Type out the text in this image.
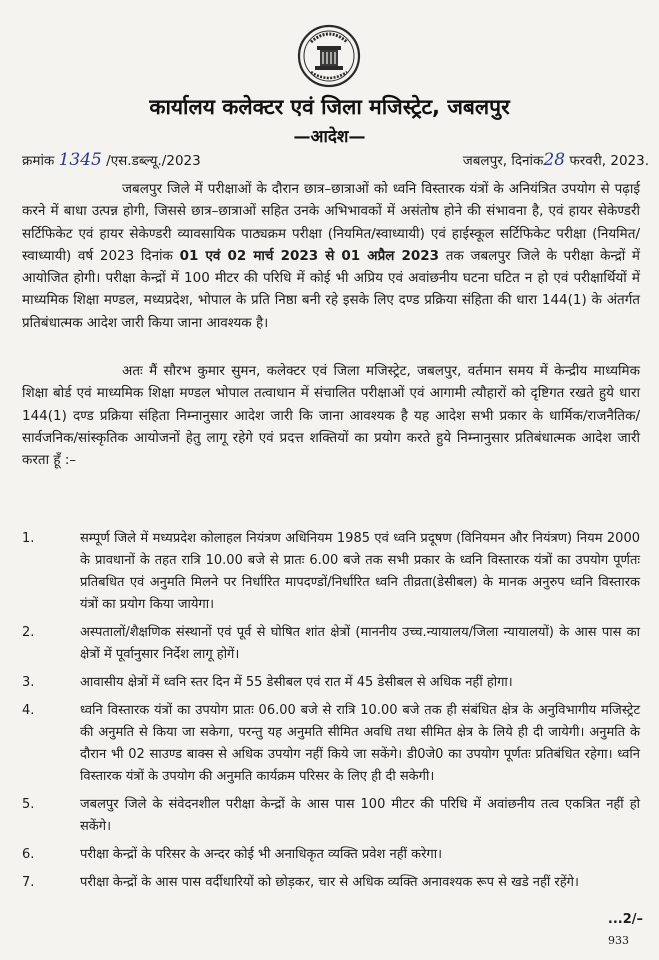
कार्यालय कलेक्टर एवं जिला मजिस्ट्रेट, जबलपुर
—आदेश—
क्रमांक 1345 /एस.डब्ल्यू./2023	जबलपुर, दिनांक28 फरवरी, 2023.

जबलपुर जिले में परीक्षाओं के दौरान छात्र–छात्राओं को ध्वनि विस्तारक यंत्रों के अनियंत्रित उपयोग से पढ़ाई करने में बाधा उत्पन्न होगी, जिससे छात्र–छात्राओं सहित उनके अभिभावकों में असंतोष होने की संभावना है, एवं हायर सेकेण्डरी सर्टिफिकेट एवं हायर सेकेण्डरी व्यावसायिक पाठ्यक्रम परीक्षा (नियमित/स्वाध्यायी) एवं हाईस्कूल सर्टिफिकेट परीक्षा (नियमित/स्वाध्यायी) वर्ष 2023 दिनांक 01 एवं 02 मार्च 2023 से 01 अप्रैल 2023 तक जबलपुर जिले के परीक्षा केन्द्रों में आयोजित होगी। परीक्षा केन्द्रों में 100 मीटर की परिधि में कोई भी अप्रिय एवं अवांछनीय घटना घटित न हो एवं परीक्षार्थियों में माध्यमिक शिक्षा मण्डल, मध्यप्रदेश, भोपाल के प्रति निष्ठा बनी रहे इसके लिए दण्ड प्रक्रिया संहिता की धारा 144(1) के अंतर्गत प्रतिबंधात्मक आदेश जारी किया जाना आवश्यक है।

अतः मैं सौरभ कुमार सुमन, कलेक्टर एवं जिला मजिस्ट्रेट, जबलपुर, वर्तमान समय में केन्द्रीय माध्यमिक शिक्षा बोर्ड एवं माध्यमिक शिक्षा मण्डल भोपाल तत्वाधान में संचालित परीक्षाओं एवं आगामी त्यौहारों को दृष्टिगत रखते हुये धारा 144(1) दण्ड प्रक्रिया संहिता निम्नानुसार आदेश जारी कि जाना आवश्यक है यह आदेश सभी प्रकार के धार्मिक/राजनैतिक/सार्वजनिक/सांस्कृतिक आयोजनों हेतु लागू रहेगे एवं प्रदत्त शक्तियों का प्रयोग करते हुये निम्नानुसार प्रतिबंधात्मक आदेश जारी करता हूँ :–

1.	सम्पूर्ण जिले में मध्यप्रदेश कोलाहल नियंत्रण अधिनियम 1985 एवं ध्वनि प्रदूषण (विनियमन और नियंत्रण) नियम 2000 के प्रावधानों के तहत रात्रि 10.00 बजे से प्रातः 6.00 बजे तक सभी प्रकार के ध्वनि विस्तारक यंत्रों का उपयोग पूर्णतः प्रतिबधित एवं अनुमति मिलने पर निर्धारित मापदण्डों/निर्धारित ध्वनि तीव्रता(डेसीबल) के मानक अनुरुप ध्वनि विस्तारक यंत्रों का प्रयोग किया जायेगा।
2.	अस्पतालों/शैक्षणिक संस्थानों एवं पूर्व से घोषित शांत क्षेत्रों (माननीय उच्च.न्यायालय/जिला न्यायालयों) के आस पास का क्षेत्रों में पूर्वानुसार निर्देश लागू होगें।
3.	आवासीय क्षेत्रों में ध्वनि स्तर दिन में 55 डेसीबल एवं रात में 45 डेसीबल से अधिक नहीं होगा।
4.	ध्वनि विस्तारक यंत्रों का उपयोग प्रातः 06.00 बजे से रात्रि 10.00 बजे तक ही संबंधित क्षेत्र के अनुविभागीय मजिस्ट्रेट की अनुमति से किया जा सकेगा, परन्तु यह अनुमति सीमित अवधि तथा सीमित क्षेत्र के लिये ही दी जायेगी। अनुमति के दौरान भी 02 साउण्ड बाक्स से अधिक उपयोग नहीं किये जा सकेंगे। डी0जे0 का उपयोग पूर्णतः प्रतिबंधित रहेगा। ध्वनि विस्तारक यंत्रों के उपयोग की अनुमति कार्यक्रम परिसर के लिए ही दी सकेगी।
5.	जबलपुर जिले के संवेदनशील परीक्षा केन्द्रों के आस पास 100 मीटर की परिधि में अवांछनीय तत्व एकत्रित नहीं हो सकेंगे।
6.	परीक्षा केन्द्रों के परिसर के अन्दर कोई भी अनाधिकृत व्यक्ति प्रवेश नहीं करेगा।
7.	परीक्षा केन्द्रों के आस पास वर्दीधारियों को छोड़कर, चार से अधिक व्यक्ति अनावश्यक रूप से खडे नहीं रहेंगे।
...2/–
933
